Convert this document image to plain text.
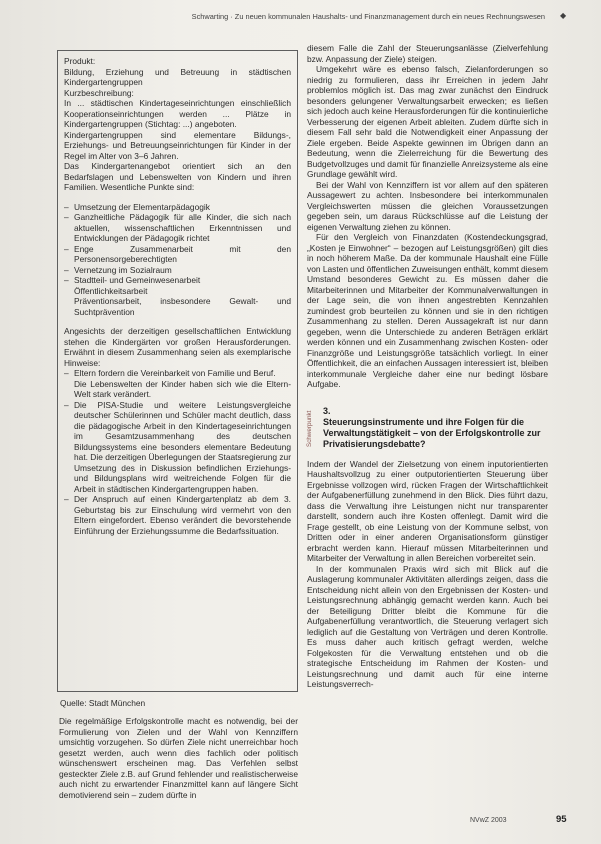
Schwarting · Zu neuen kommunalen Haushalts- und Finanzmanagement durch ein neues Rechnungswesen ◆

Produkt:

Bildung, Erziehung und Betreuung in städtischen Kindergartengruppen

Kurzbeschreibung:

In ... städtischen Kindertageseinrichtungen einschließlich Kooperationseinrichtungen werden ... Plätze in Kindergartengruppen (Stichtag: ...) angeboten.

Kindergartengruppen sind elementare Bildungs-, Erziehungs- und Betreuungseinrichtungen für Kinder in der Regel im Alter von 3–6 Jahren.

Das Kindergartenangebot orientiert sich an den Bedarfslagen und Lebenswelten von Kindern und ihren Familien. Wesentliche Punkte sind:

– Umsetzung der Elementarpädagogik
– Ganzheitliche Pädagogik für alle Kinder, die sich nach aktuellen, wissenschaftlichen Erkenntnissen und Entwicklungen der Pädagogik richtet
– Enge Zusammenarbeit mit den Personensorgeberechtigten
– Vernetzung im Sozialraum
– Stadtteil- und Gemeinwesenarbeit
Öffentlichkeitsarbeit
Präventionsarbeit, insbesondere Gewalt- und Suchtprävention

Angesichts der derzeitigen gesellschaftlichen Entwicklung stehen die Kindergärten vor großen Herausforderungen. Erwähnt in diesem Zusammenhang seien als exemplarische Hinweise:

– Eltern fordern die Vereinbarkeit von Familie und Beruf.
Die Lebenswelten der Kinder haben sich wie die Eltern-Welt stark verändert.
– Die PISA-Studie und weitere Leistungsvergleiche deutscher Schülerinnen und Schüler macht deutlich, dass die pädagogische Arbeit in den Kindertageseinrichtungen im Gesamtzusammenhang des deutschen Bildungssystems eine besonders elementare Bedeutung hat. Die derzeitigen Überlegungen der Staatsregierung zur Umsetzung des in Diskussion befindlichen Erziehungs- und Bildungsplans wird weitreichende Folgen für die Arbeit in städtischen Kindergartengruppen haben.
– Der Anspruch auf einen Kindergartenplatz ab dem 3. Geburtstag bis zur Einschulung wird vermehrt von den Eltern eingefordert. Ebenso verändert die bevorstehende Einführung der Erziehungssumme die Bedarfssituation.
Quelle: Stadt München

Die regelmäßige Erfolgskontrolle macht es notwendig, bei der Formulierung von Zielen und der Wahl von Kennziffern umsichtig vorzugehen. So dürfen Ziele nicht unerreichbar hoch gesetzt werden, auch wenn dies fachlich oder politisch wünschenswert erscheinen mag. Das Verfehlen selbst gesteckter Ziele z.B. auf Grund fehlender und realistischerweise auch nicht zu erwartender Finanzmittel kann auf längere Sicht demotivierend sein – zudem dürfte in

diesem Falle die Zahl der Steuerungsanlässe (Zielverfehlung bzw. Anpassung der Ziele) steigen.

Umgekehrt wäre es ebenso falsch, Zielanforderungen so niedrig zu formulieren, dass ihr Erreichen in jedem Jahr problemlos möglich ist. Das mag zwar zunächst den Eindruck besonders gelungener Verwaltungsarbeit erwecken; es ließen sich jedoch auch keine Herausforderungen für die kontinuierliche Verbesserung der eigenen Arbeit ableiten. Zudem dürfte sich in diesem Fall sehr bald die Notwendigkeit einer Anpassung der Ziele ergeben. Beide Aspekte gewinnen im Übrigen dann an Bedeutung, wenn die Zielerreichung für die Bewertung des Budgetvollzuges und damit für finanzielle Anreizsysteme als eine Grundlage gewählt wird.

Bei der Wahl von Kennziffern ist vor allem auf den späteren Aussagewert zu achten. Insbesondere bei interkommunalen Vergleichswerten müssen die gleichen Voraussetzungen gegeben sein, um daraus Rückschlüsse auf die Leistung der eigenen Verwaltung ziehen zu können.

Für den Vergleich von Finanzdaten (Kostendeckungsgrad, „Kosten je Einwohner“ – bezogen auf Leistungsgrößen) gilt dies in noch höherem Maße. Da der kommunale Haushalt eine Fülle von Lasten und öffentlichen Zuweisungen enthält, kommt diesem Umstand besonderes Gewicht zu. Es müssen daher die Mitarbeiterinnen und Mitarbeiter der Kommunalverwaltungen in der Lage sein, die von ihnen angestrebten Kennzahlen zumindest grob beurteilen zu können und sie in den richtigen Zusammenhang zu stellen. Deren Aussagekraft ist nur dann gegeben, wenn die Unterschiede zu anderen Beträgen erklärt werden können und ein Zusammenhang zwischen Kosten- oder Finanzgröße und Leistungsgröße tatsächlich vorliegt. In einer Öffentlichkeit, die an einfachen Aussagen interessiert ist, bleiben interkommunale Vergleiche daher eine nur bedingt lösbare Aufgabe.

Schwerpunkt 3.
Steuerungsinstrumente und ihre Folgen für die Verwaltungstätigkeit – von der Erfolgskontrolle zur Privatisierungsdebatte?

Indem der Wandel der Zielsetzung von einem inputorientierten Haushaltsvollzug zu einer outputorientierten Steuerung über Ergebnisse vollzogen wird, rücken Fragen der Wirtschaftlichkeit der Aufgabenerfüllung zunehmend in den Blick. Dies führt dazu, dass die Verwaltung ihre Leistungen nicht nur transparenter darstellt, sondern auch ihre Kosten offenlegt. Damit wird die Frage gestellt, ob eine Leistung von der Kommune selbst, von Dritten oder in einer anderen Organisationsform günstiger erbracht werden kann. Hierauf müssen Mitarbeiterinnen und Mitarbeiter der Verwaltung in allen Bereichen vorbereitet sein.

In der kommunalen Praxis wird sich mit Blick auf die Auslagerung kommunaler Aktivitäten allerdings zeigen, dass die Entscheidung nicht allein von den Ergebnissen der Kosten- und Leistungsrechnung abhängig gemacht werden kann. Auch bei der Beteiligung Dritter bleibt die Kommune für die Aufgabenerfüllung verantwortlich, die Steuerung verlagert sich lediglich auf die Gestaltung von Verträgen und deren Kontrolle. Es muss daher auch kritisch gefragt werden, welche Folgekosten für die Verwaltung entstehen und ob die strategische Entscheidung im Rahmen der Kosten- und Leistungsrechnung und damit auch für eine interne Leistungsverrech-

NVwZ 2003	95
